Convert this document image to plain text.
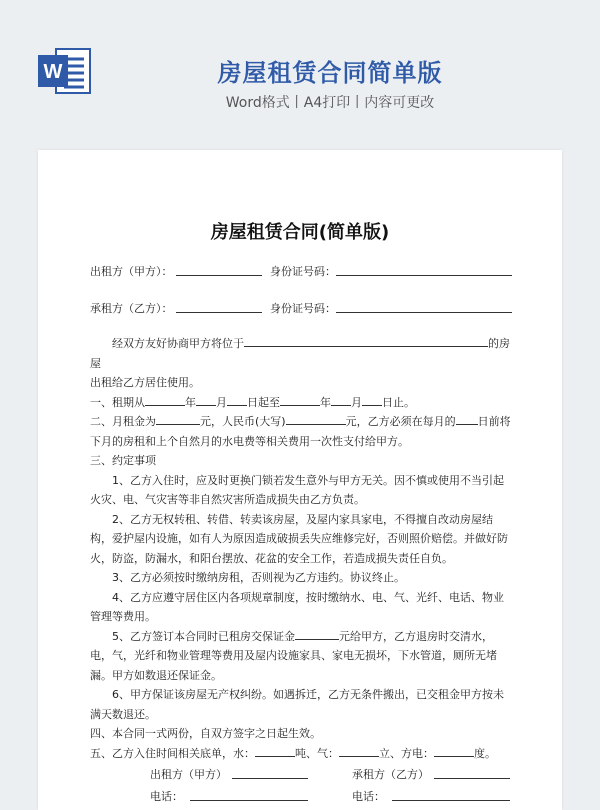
W	房屋租赁合同简单版
Word格式丨A4打印丨内容可更改
房屋租赁合同(简单版)
出租方（甲方）：	身份证号码：
承租方（乙方）：	身份证号码：

经双方友好协商甲方将位于	的房屋

出租给乙方居住使用。

一、租期从	年 月 日起至	年 月 日止。

二、月租金为	元，人民币(大写)	元，乙方必须在每月的 日前将下月的房租和上个自然月的水电费等相关费用一次性支付给甲方。

三、约定事项

1、乙方入住时，应及时更换门锁若发生意外与甲方无关。因不慎或使用不当引起火灾、电、气灾害等非自然灾害所造成损失由乙方负责。

2、乙方无权转租、转借、转卖该房屋，及屋内家具家电，不得擅自改动房屋结构，爱护屋内设施，如有人为原因造成破损丢失应维修完好，否则照价赔偿。并做好防火，防盗，防漏水，和阳台摆放、花盆的安全工作，若造成损失责任自负。

3、乙方必须按时缴纳房租，否则视为乙方违约。协议终止。

4、乙方应遵守居住区内各项规章制度，按时缴纳水、电、气、光纤、电话、物业管理等费用。

5、乙方签订本合同时已租房交保证金	元给甲方，乙方退房时交清水，电，气，光纤和物业管理等费用及屋内设施家具、家电无损坏，下水管道，厕所无堵漏。甲方如数退还保证金。

6、甲方保证该房屋无产权纠纷。如遇拆迁，乙方无条件搬出，已交租金甲方按未满天数退还。

四、本合同一式两份，自双方签字之日起生效。

五、乙方入住时间相关底单，水：	吨、气：	立、方电：	度。

出租方（甲方）	承租方（乙方）
电话：	电话：
